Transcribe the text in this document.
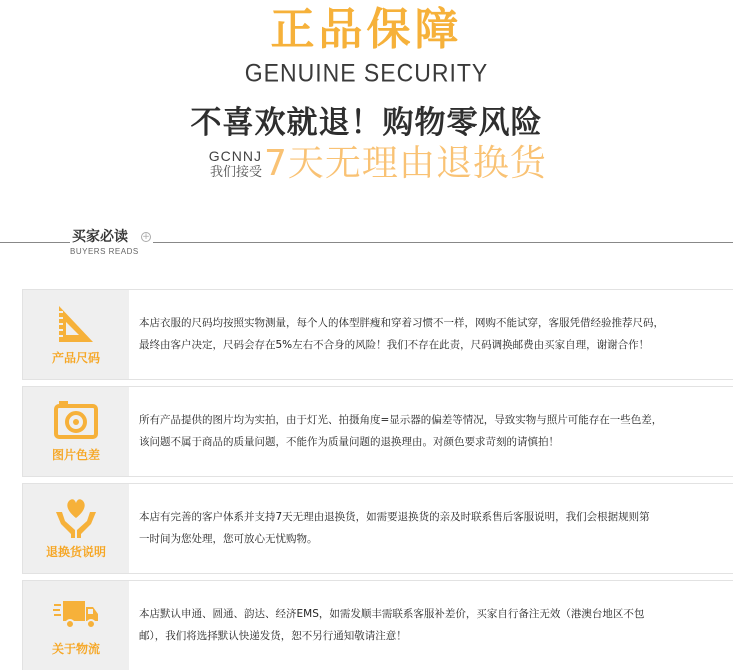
正品保障
GENUINE SECURITY
不喜欢就退！购物零风险
GCNNJ
我们接受 7天无理由退换货
买家必读 +
BUYERS READS
产品尺码
本店衣服的尺码均按照实物测量，每个人的体型胖瘦和穿着习惯不一样，网购不能试穿，客服凭借经验推荐尺码，
最终由客户决定，尺码会存在5%左右不合身的风险！我们不存在此责，尺码调换邮费由买家自理，谢谢合作！
图片色差
所有产品提供的图片均为实拍，由于灯光、拍摄角度=显示器的偏差等情况，导致实物与照片可能存在一些色差，
该问题不属于商品的质量问题，不能作为质量问题的退换理由。对颜色要求苛刻的请慎拍！
退换货说明
本店有完善的客户体系并支持7天无理由退换货，如需要退换货的亲及时联系售后客服说明，我们会根据规则第
一时间为您处理，您可放心无忧购物。
关于物流
本店默认申通、圆通、韵达、经济EMS，如需发顺丰需联系客服补差价，买家自行备注无效（港澳台地区不包
邮），我们将选择默认快递发货，恕不另行通知敬请注意！
